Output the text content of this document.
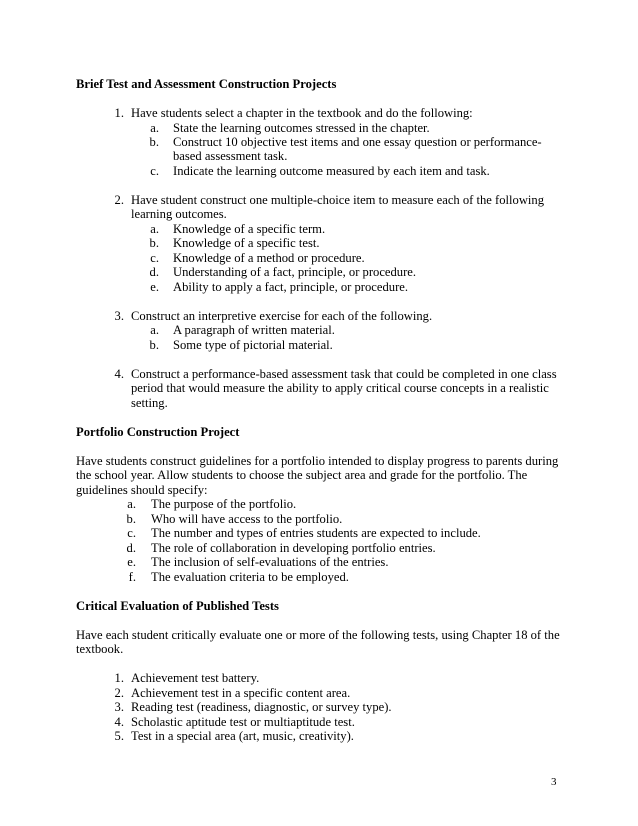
Brief Test and Assessment Construction Projects
1. Have students select a chapter in the textbook and do the following:
a. State the learning outcomes stressed in the chapter.
b. Construct 10 objective test items and one essay question or performance-
based assessment task.
c. Indicate the learning outcome measured by each item and task.
2. Have student construct one multiple-choice item to measure each of the following
learning outcomes.
a. Knowledge of a specific term.
b. Knowledge of a specific test.
c. Knowledge of a method or procedure.
d. Understanding of a fact, principle, or procedure.
e. Ability to apply a fact, principle, or procedure.
3. Construct an interpretive exercise for each of the following.
a. A paragraph of written material.
b. Some type of pictorial material.
4. Construct a performance-based assessment task that could be completed in one class
period that would measure the ability to apply critical course concepts in a realistic
setting.
Portfolio Construction Project
Have students construct guidelines for a portfolio intended to display progress to parents during
the school year. Allow students to choose the subject area and grade for the portfolio. The
guidelines should specify:
a. The purpose of the portfolio.
b. Who will have access to the portfolio.
c. The number and types of entries students are expected to include.
d. The role of collaboration in developing portfolio entries.
e. The inclusion of self-evaluations of the entries.
f. The evaluation criteria to be employed.
Critical Evaluation of Published Tests
Have each student critically evaluate one or more of the following tests, using Chapter 18 of the
textbook.
1. Achievement test battery.
2. Achievement test in a specific content area.
3. Reading test (readiness, diagnostic, or survey type).
4. Scholastic aptitude test or multiaptitude test.
5. Test in a special area (art, music, creativity).
3
